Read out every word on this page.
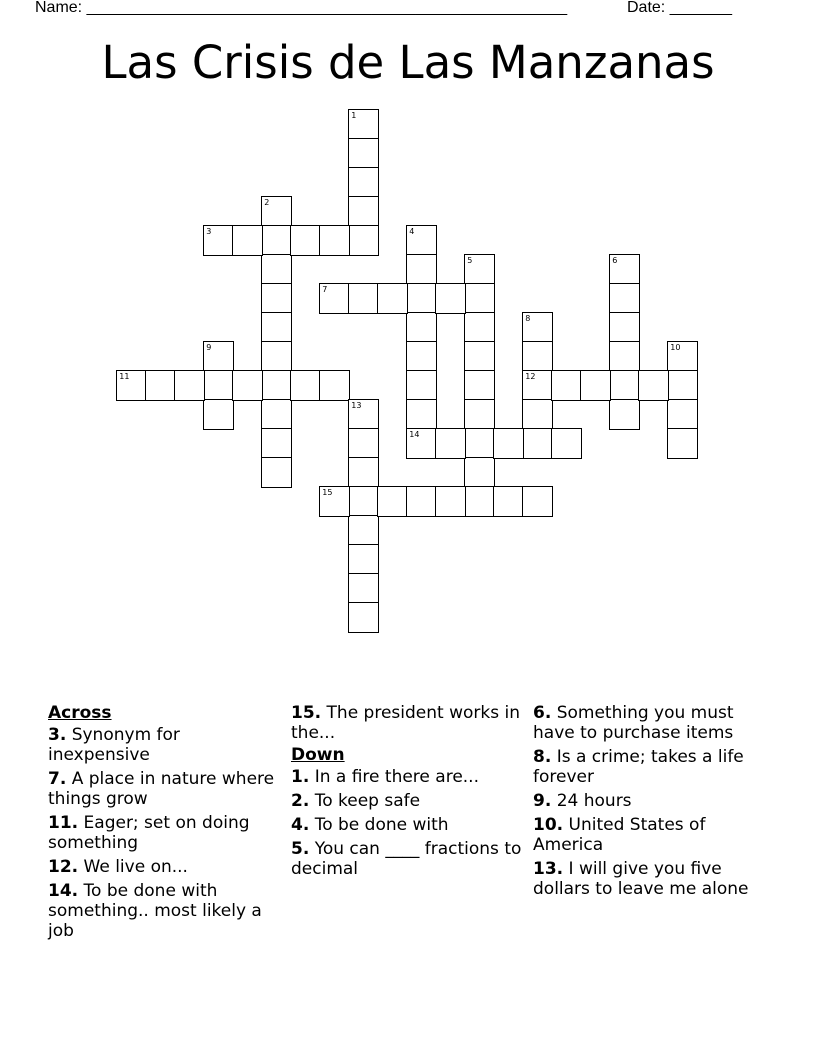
Name: ______________________________________________________	Date: _______
Las Crisis de Las Manzanas
1
2
3	4
14
5	6
7
8
12
9	10
11
13
15
Across
3. Synonym for inexpensive
7. A place in nature where things grow
11. Eager; set on doing something
12. We live on...
14. To be done with something.. most likely a job
15. The president works in the...
Down
1. In a fire there are...
2. To keep safe
4. To be done with
5. You can ____ fractions to decimal
6. Something you must have to purchase items
8. Is a crime; takes a life forever
9. 24 hours
10. United States of America
13. I will give you five dollars to leave me alone
